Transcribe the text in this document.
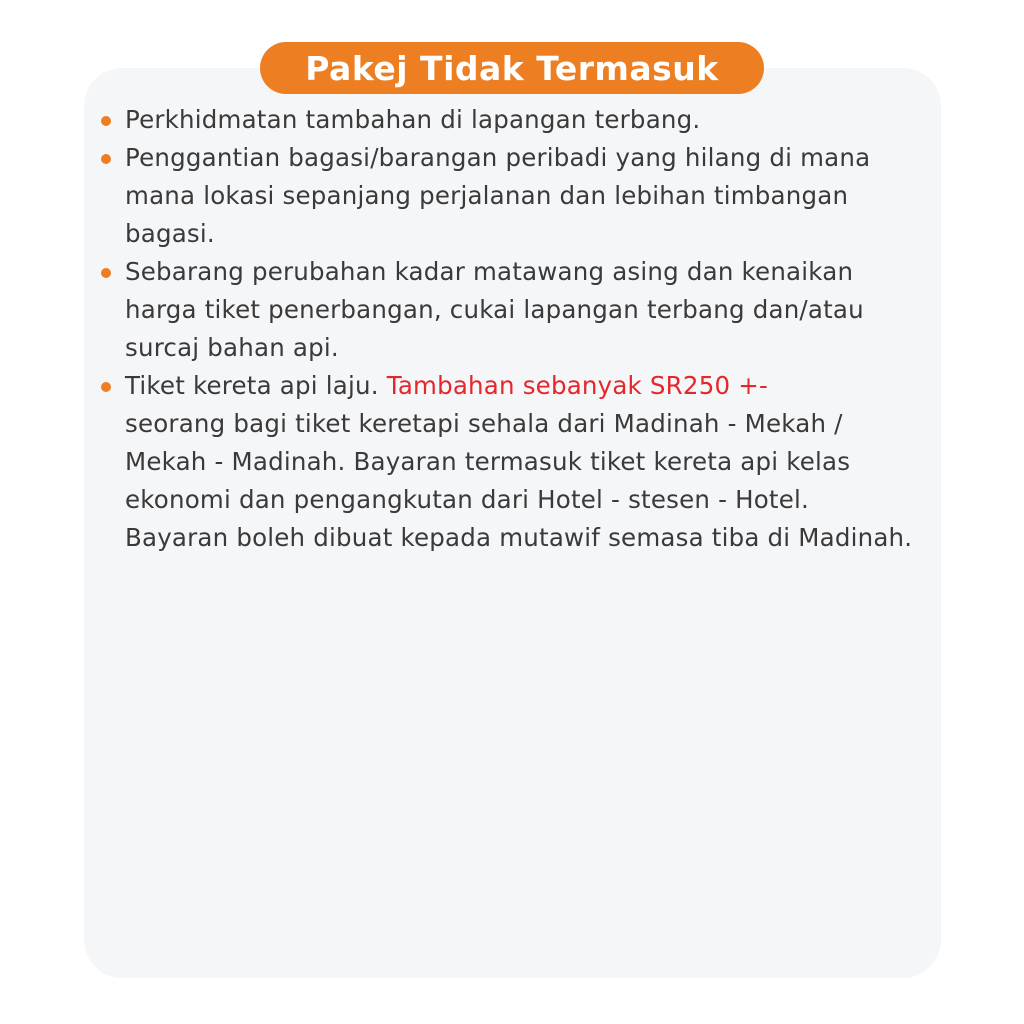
Pakej Tidak Termasuk
Perkhidmatan tambahan di lapangan terbang.
Penggantian bagasi/barangan peribadi yang hilang di mana mana lokasi sepanjang perjalanan dan lebihan timbangan bagasi.
Sebarang perubahan kadar matawang asing dan kenaikan harga tiket penerbangan, cukai lapangan terbang dan/atau surcaj bahan api.
Tiket kereta api laju. Tambahan sebanyak SR250 +-
seorang bagi tiket keretapi sehala dari Madinah - Mekah / Mekah - Madinah. Bayaran termasuk tiket kereta api kelas ekonomi dan pengangkutan dari Hotel - stesen - Hotel. Bayaran boleh dibuat kepada mutawif semasa tiba di Madinah.
